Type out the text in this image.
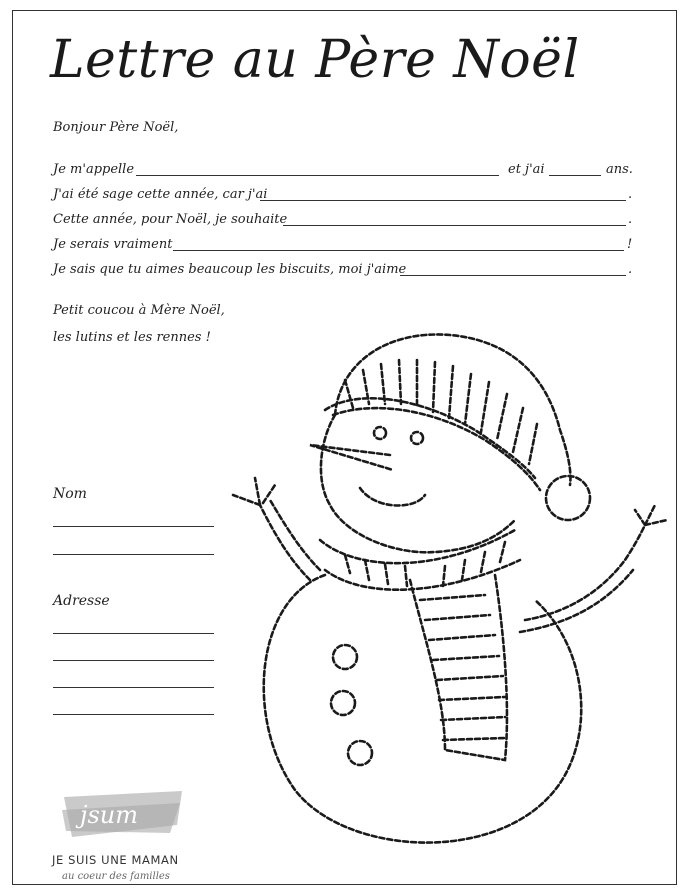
Lettre au Père Noël
Bonjour Père Noël,
Je m'appelle	et j'ai	ans.
J'ai été sage cette année, car j'ai	.
Cette année, pour Noël, je souhaite	.
Je serais vraiment	!
Je sais que tu aimes beaucoup les biscuits, moi j'aime	.
Petit coucou à Mère Noël,
les lutins et les rennes !
Nom
Adresse
jsum
JE SUIS UNE MAMAN
au coeur des familles
